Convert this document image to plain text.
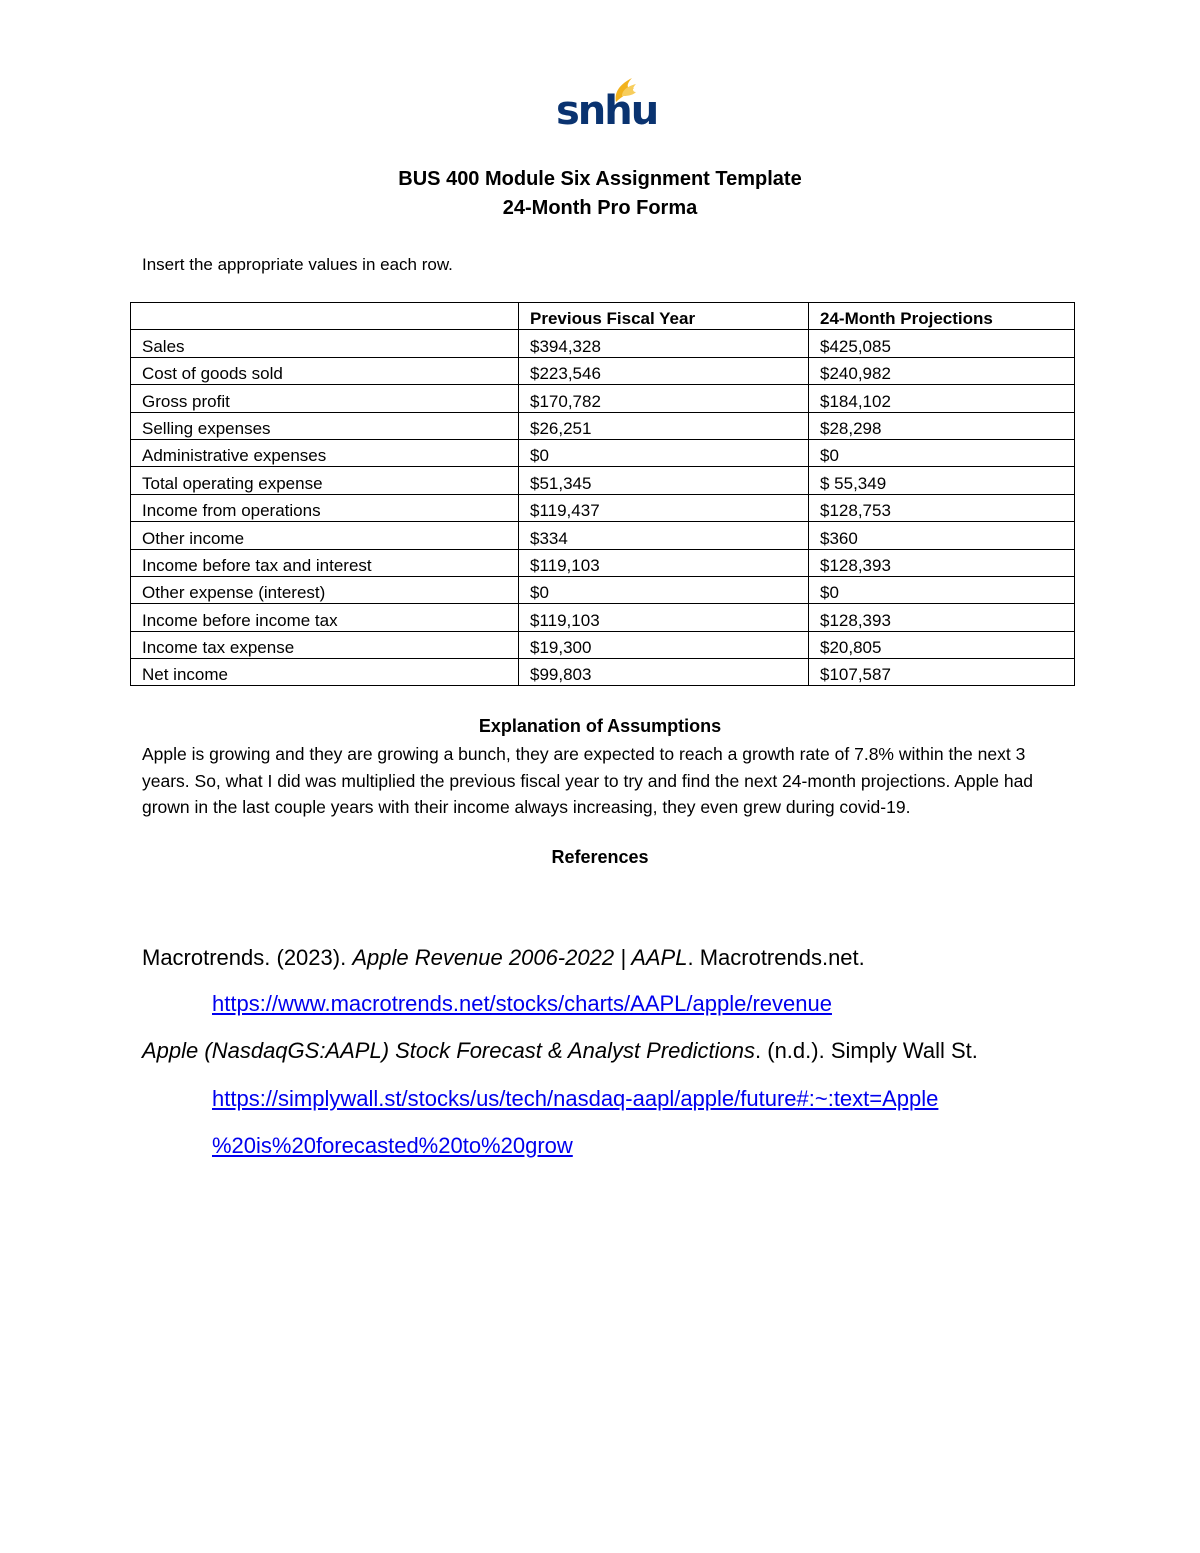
snhu
BUS 400 Module Six Assignment Template
24-Month Pro Forma
Insert the appropriate values in each row.
	Previous Fiscal Year	24-Month Projections
Sales	$394,328	$425,085
Cost of goods sold	$223,546	$240,982
Gross profit	$170,782	$184,102
Selling expenses	$26,251	$28,298
Administrative expenses	$0	$0
Total operating expense	$51,345	$ 55,349
Income from operations	$119,437	$128,753
Other income	$334	$360
Income before tax and interest	$119,103	$128,393
Other expense (interest)	$0	$0
Income before income tax	$119,103	$128,393
Income tax expense	$19,300	$20,805
Net income	$99,803	$107,587
Explanation of Assumptions
Apple is growing and they are growing a bunch, they are expected to reach a growth rate of 7.8% within the next 3 years. So, what I did was multiplied the previous fiscal year to try and find the next 24-month projections. Apple had grown in the last couple years with their income always increasing, they even grew during covid-19.
References
Macrotrends. (2023). Apple Revenue 2006-2022 | AAPL. Macrotrends.net.
https://www.macrotrends.net/stocks/charts/AAPL/apple/revenue
Apple (NasdaqGS:AAPL) Stock Forecast & Analyst Predictions. (n.d.). Simply Wall St.
https://simplywall.st/stocks/us/tech/nasdaq-aapl/apple/future#:~:text=Apple
%20is%20forecasted%20to%20grow
